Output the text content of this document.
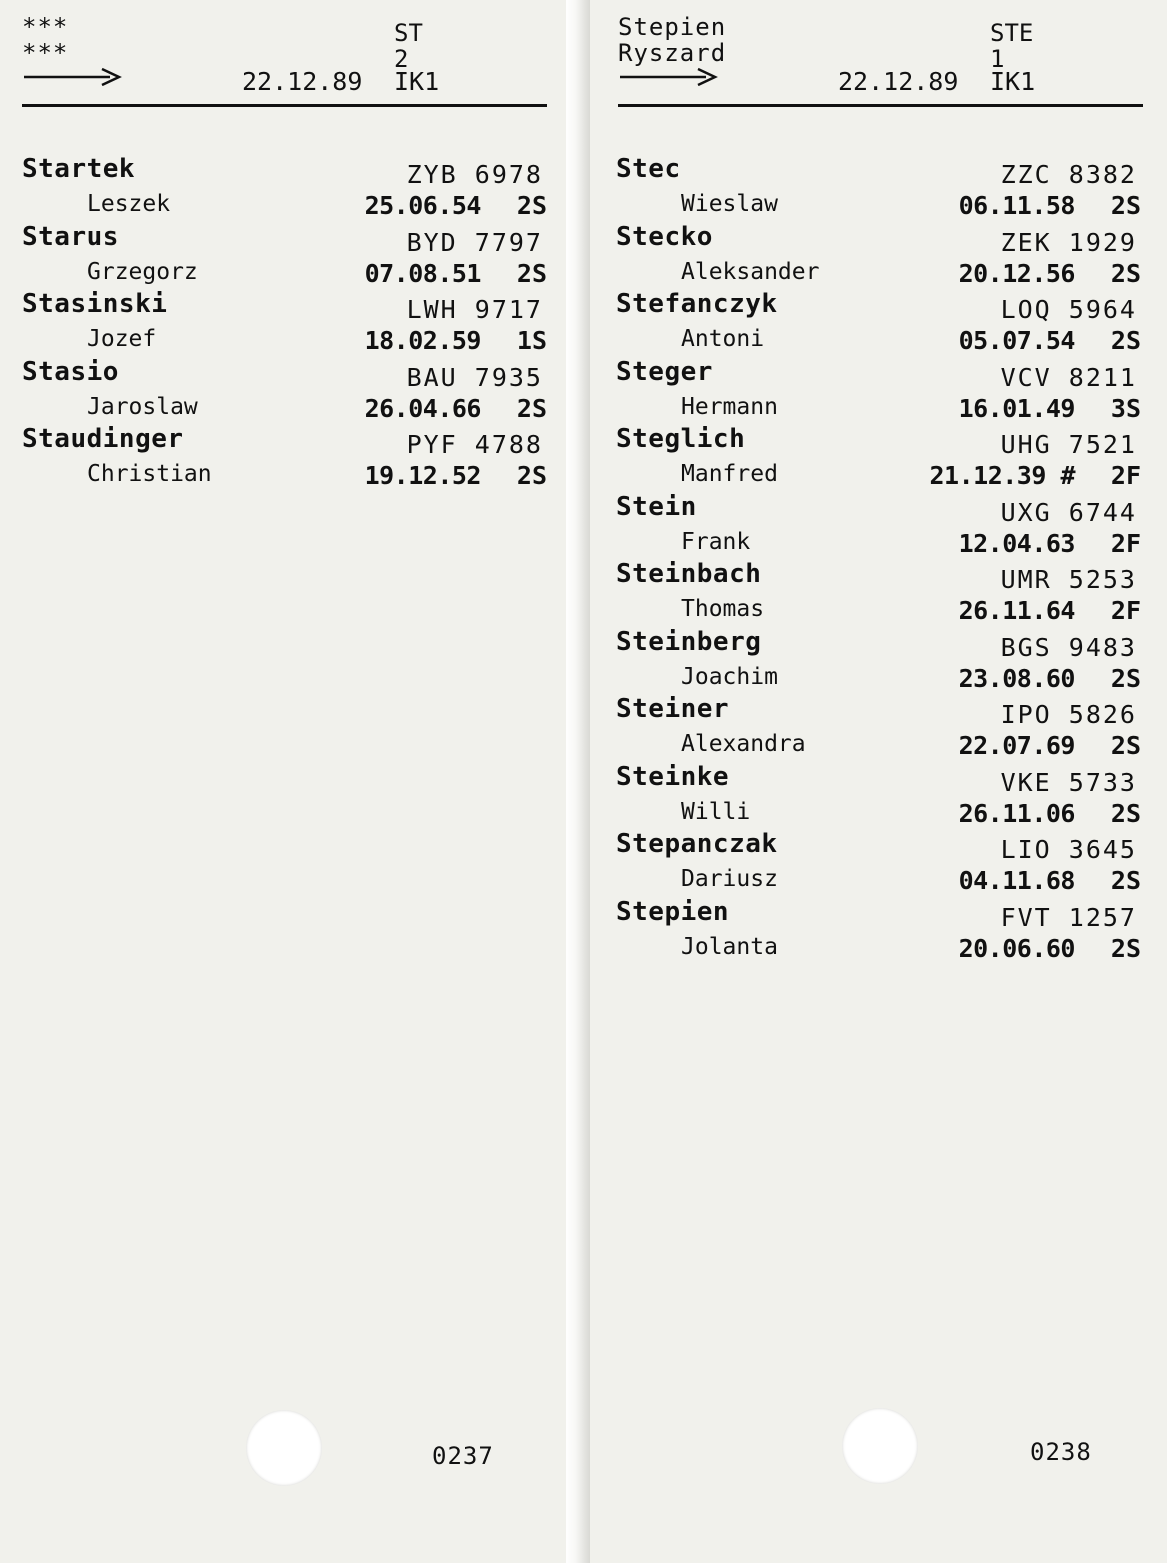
***
***
ST
2
22.12.89 IK1
Startek	ZYB 6978
Leszek	25.06.54 2S
Starus	BYD 7797
Grzegorz	07.08.51 2S
Stasinski	LWH 9717
Jozef	18.02.59 1S
Stasio	BAU 7935
Jaroslaw	26.04.66 2S
Staudinger	PYF 4788
Christian	19.12.52 2S
0237
Stepien
Ryszard
STE
1
22.12.89 IK1
Stec	ZZC 8382
Wieslaw	06.11.58 2S
Stecko	ZEK 1929
Aleksander	20.12.56 2S
Stefanczyk	LOQ 5964
Antoni	05.07.54 2S
Steger	VCV 8211
Hermann	16.01.49 3S
Steglich	UHG 7521
Manfred	21.12.39 # 2F
Stein	UXG 6744
Frank	12.04.63 2F
Steinbach	UMR 5253
Thomas	26.11.64 2F
Steinberg	BGS 9483
Joachim	23.08.60 2S
Steiner	IPO 5826
Alexandra	22.07.69 2S
Steinke	VKE 5733
Willi	26.11.06 2S
Stepanczak	LIO 3645
Dariusz	04.11.68 2S
Stepien	FVT 1257
Jolanta	20.06.60 2S
0238
